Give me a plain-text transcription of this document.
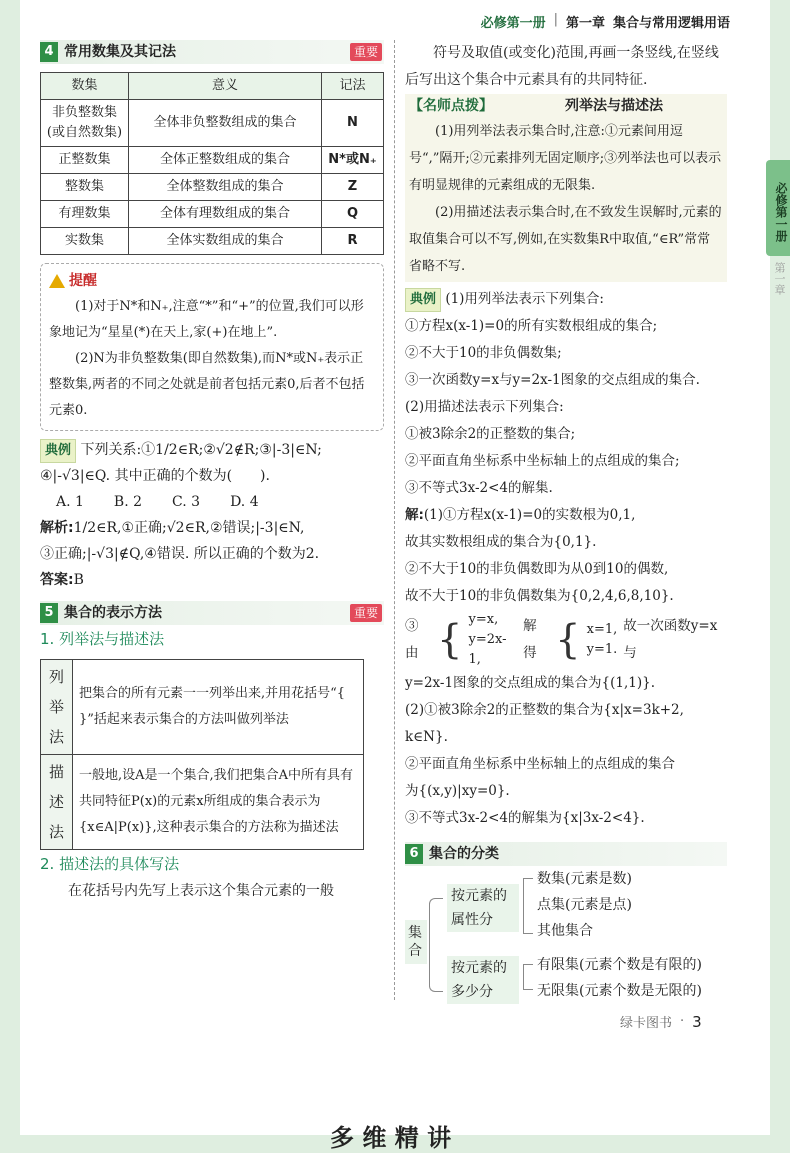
必修第一册 | 第一章 集合与常用逻辑用语
必修第一册
第一章
4 常用数集及其记法	重要
数集	意义	记法
非负整数集(或自然数集)	全体非负整数组成的集合	N
正整数集	全体正整数组成的集合	N*或N₊
整数集	全体整数组成的集合	Z
有理数集	全体有理数组成的集合	Q
实数集	全体实数组成的集合	R
提醒
(1)对于N*和N₊,注意“*”和“+”的位置,我们可以形象地记为“星星(*)在天上,家(+)在地上”.
(2)N为非负整数集(即自然数集),而N*或N₊表示正整数集,两者的不同之处就是前者包括元素0,后者不包括元素0.
典例 下列关系:①1/2∈R;②√2∉R;③|-3|∈N;
④|-√3|∈Q. 其中正确的个数为(　　).
A. 1 B. 2 C. 3 D. 4
解析:1/2∈R,①正确;√2∈R,②错误;|-3|∈N,
③正确;|-√3|∉Q,④错误. 所以正确的个数为2.
答案:B
5 集合的表示方法	重要
1. 列举法与描述法
列举法	把集合的所有元素一一列举出来,并用花括号“{ }”括起来表示集合的方法叫做列举法
描述法	一般地,设A是一个集合,我们把集合A中所有具有共同特征P(x)的元素x所组成的集合表示为{x∈A|P(x)},这种表示集合的方法称为描述法
2. 描述法的具体写法
在花括号内先写上表示这个集合元素的一般
符号及取值(或变化)范围,再画一条竖线,在竖线后写出这个集合中元素具有的共同特征.
【名师点拨】	列举法与描述法
(1)用列举法表示集合时,注意:①元素间用逗号“,”隔开;②元素排列无固定顺序;③列举法也可以表示有明显规律的元素组成的无限集.
(2)用描述法表示集合时,在不致发生误解时,元素的取值集合可以不写,例如,在实数集R中取值,“∈R”常常省略不写.
典例 (1)用列举法表示下列集合:
①方程x(x-1)=0的所有实数根组成的集合;
②不大于10的非负偶数集;
③一次函数y=x与y=2x-1图象的交点组成的集合.
(2)用描述法表示下列集合:
①被3除余2的正整数的集合;
②平面直角坐标系中坐标轴上的点组成的集合;
③不等式3x-2<4的解集.
解:(1)①方程x(x-1)=0的实数根为0,1,
故其实数根组成的集合为{0,1}.
②不大于10的非负偶数即为从0到10的偶数,
故不大于10的非负偶数集为{0,2,4,6,8,10}.
③由 { y=x,
y=2x-1,
解得 { x=1,
y=1.
故一次函数y=x与
y=2x-1图象的交点组成的集合为{(1,1)}.
(2)①被3除余2的正整数的集合为{x|x=3k+2,
k∈N}.
②平面直角坐标系中坐标轴上的点组成的集合
为{(x,y)|xy=0}.
③不等式3x-2<4的解集为{x|3x-2<4}.
6 集合的分类
集合
按元素的属性分
数集(元素是数)
点集(元素是点)
其他集合
按元素的多少分
有限集(元素个数是有限的)
无限集(元素个数是无限的)
绿卡图书 · 3
多 维 精 讲
